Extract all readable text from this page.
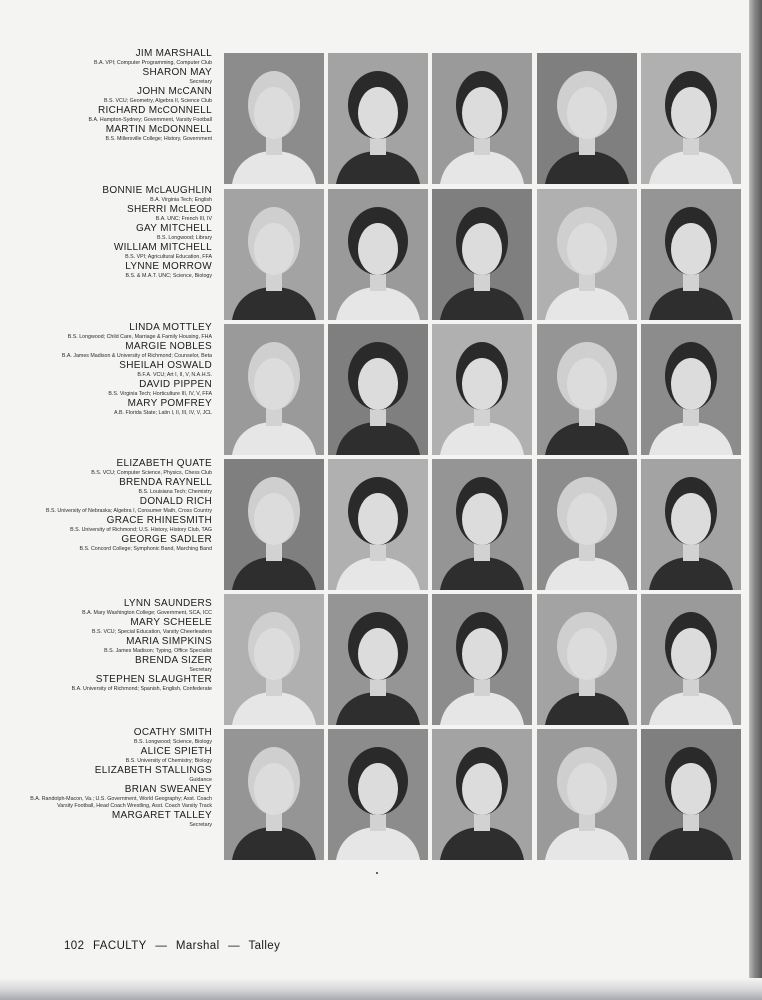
JIM MARSHALL
B.A. VPI; Computer Programming, Computer Club
SHARON MAY
Secretary
JOHN McCANN
B.S. VCU; Geometry, Algebra II, Science Club
RICHARD McCONNELL
B.A. Hampton-Sydney; Government, Varsity Football
MARTIN McDONNELL
B.S. Millersville College; History, Government
BONNIE McLAUGHLIN
B.A. Virginia Tech; English
SHERRI McLEOD
B.A. UNC; French III, IV
GAY MITCHELL
B.S. Longwood; Library
WILLIAM MITCHELL
B.S. VPI; Agricultural Education, FFA
LYNNE MORROW
B.S. & M.A.T. UNC; Science, Biology
LINDA MOTTLEY
B.S. Longwood; Child Care, Marriage & Family Housing, FHA
MARGIE NOBLES
B.A. James Madison & University of Richmond; Counselor, Beta
SHEILAH OSWALD
B.F.A. VCU; Art I, II, V, N.A.H.S.
DAVID PIPPEN
B.S. Virginia Tech; Horticulture III, IV, V, FFA
MARY POMFREY
A.B. Florida State; Latin I, II, III, IV, V, JCL
ELIZABETH QUATE
B.S. VCU; Computer Science, Physics, Chess Club
BRENDA RAYNELL
B.S. Louisiana Tech; Chemistry
DONALD RICH
B.S. University of Nebraska; Algebra I, Consumer Math, Cross Country
GRACE RHINESMITH
B.S. University of Richmond; U.S. History, History Club, TAG
GEORGE SADLER
B.S. Concord College; Symphonic Band, Marching Band
LYNN SAUNDERS
B.A. Mary Washington College; Government, SCA, ICC
MARY SCHEELE
B.S. VCU; Special Education, Varsity Cheerleaders
MARIA SIMPKINS
B.S. James Madison; Typing, Office Specialist
BRENDA SIZER
Secretary
STEPHEN SLAUGHTER
B.A. University of Richmond; Spanish, English, Confederate
OCATHY SMITH
B.S. Longwood; Science, Biology
ALICE SPIETH
B.S. University of Chemistry; Biology
ELIZABETH STALLINGS
Guidance
BRIAN SWEANEY
B.A. Randolph-Macon, Va.; U.S. Government, World Geography; Asst. Coach Varsity Football, Head Coach Wrestling, Asst. Coach Varsity Track
MARGARET TALLEY
Secretary
102 FACULTY — Marshal — Talley
